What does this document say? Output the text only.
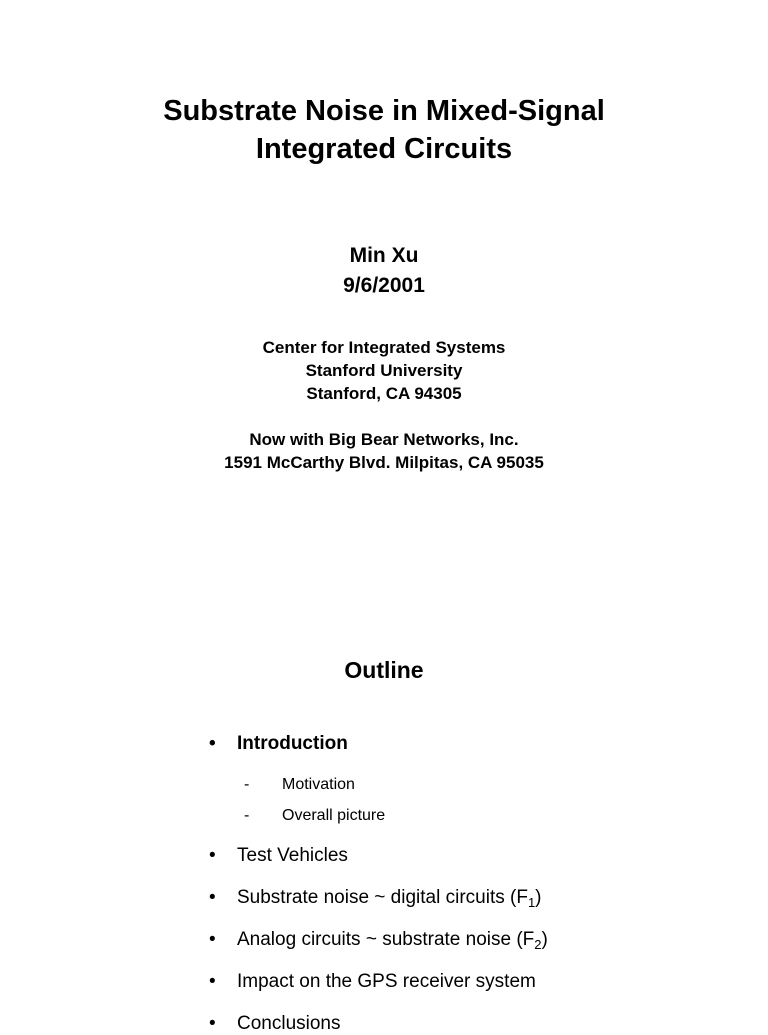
Substrate Noise in Mixed-Signal
Integrated Circuits
Min Xu
9/6/2001
Center for Integrated Systems
Stanford University
Stanford, CA 94305
Now with Big Bear Networks, Inc.
1591 McCarthy Blvd. Milpitas, CA 95035
Outline
•	Introduction
- Motivation
- Overall picture
•	Test Vehicles
•	Substrate noise ~ digital circuits $(F_1)$
•	Analog circuits ~ substrate noise $(F_2)$
•	Impact on the GPS receiver system
•	Conclusions
